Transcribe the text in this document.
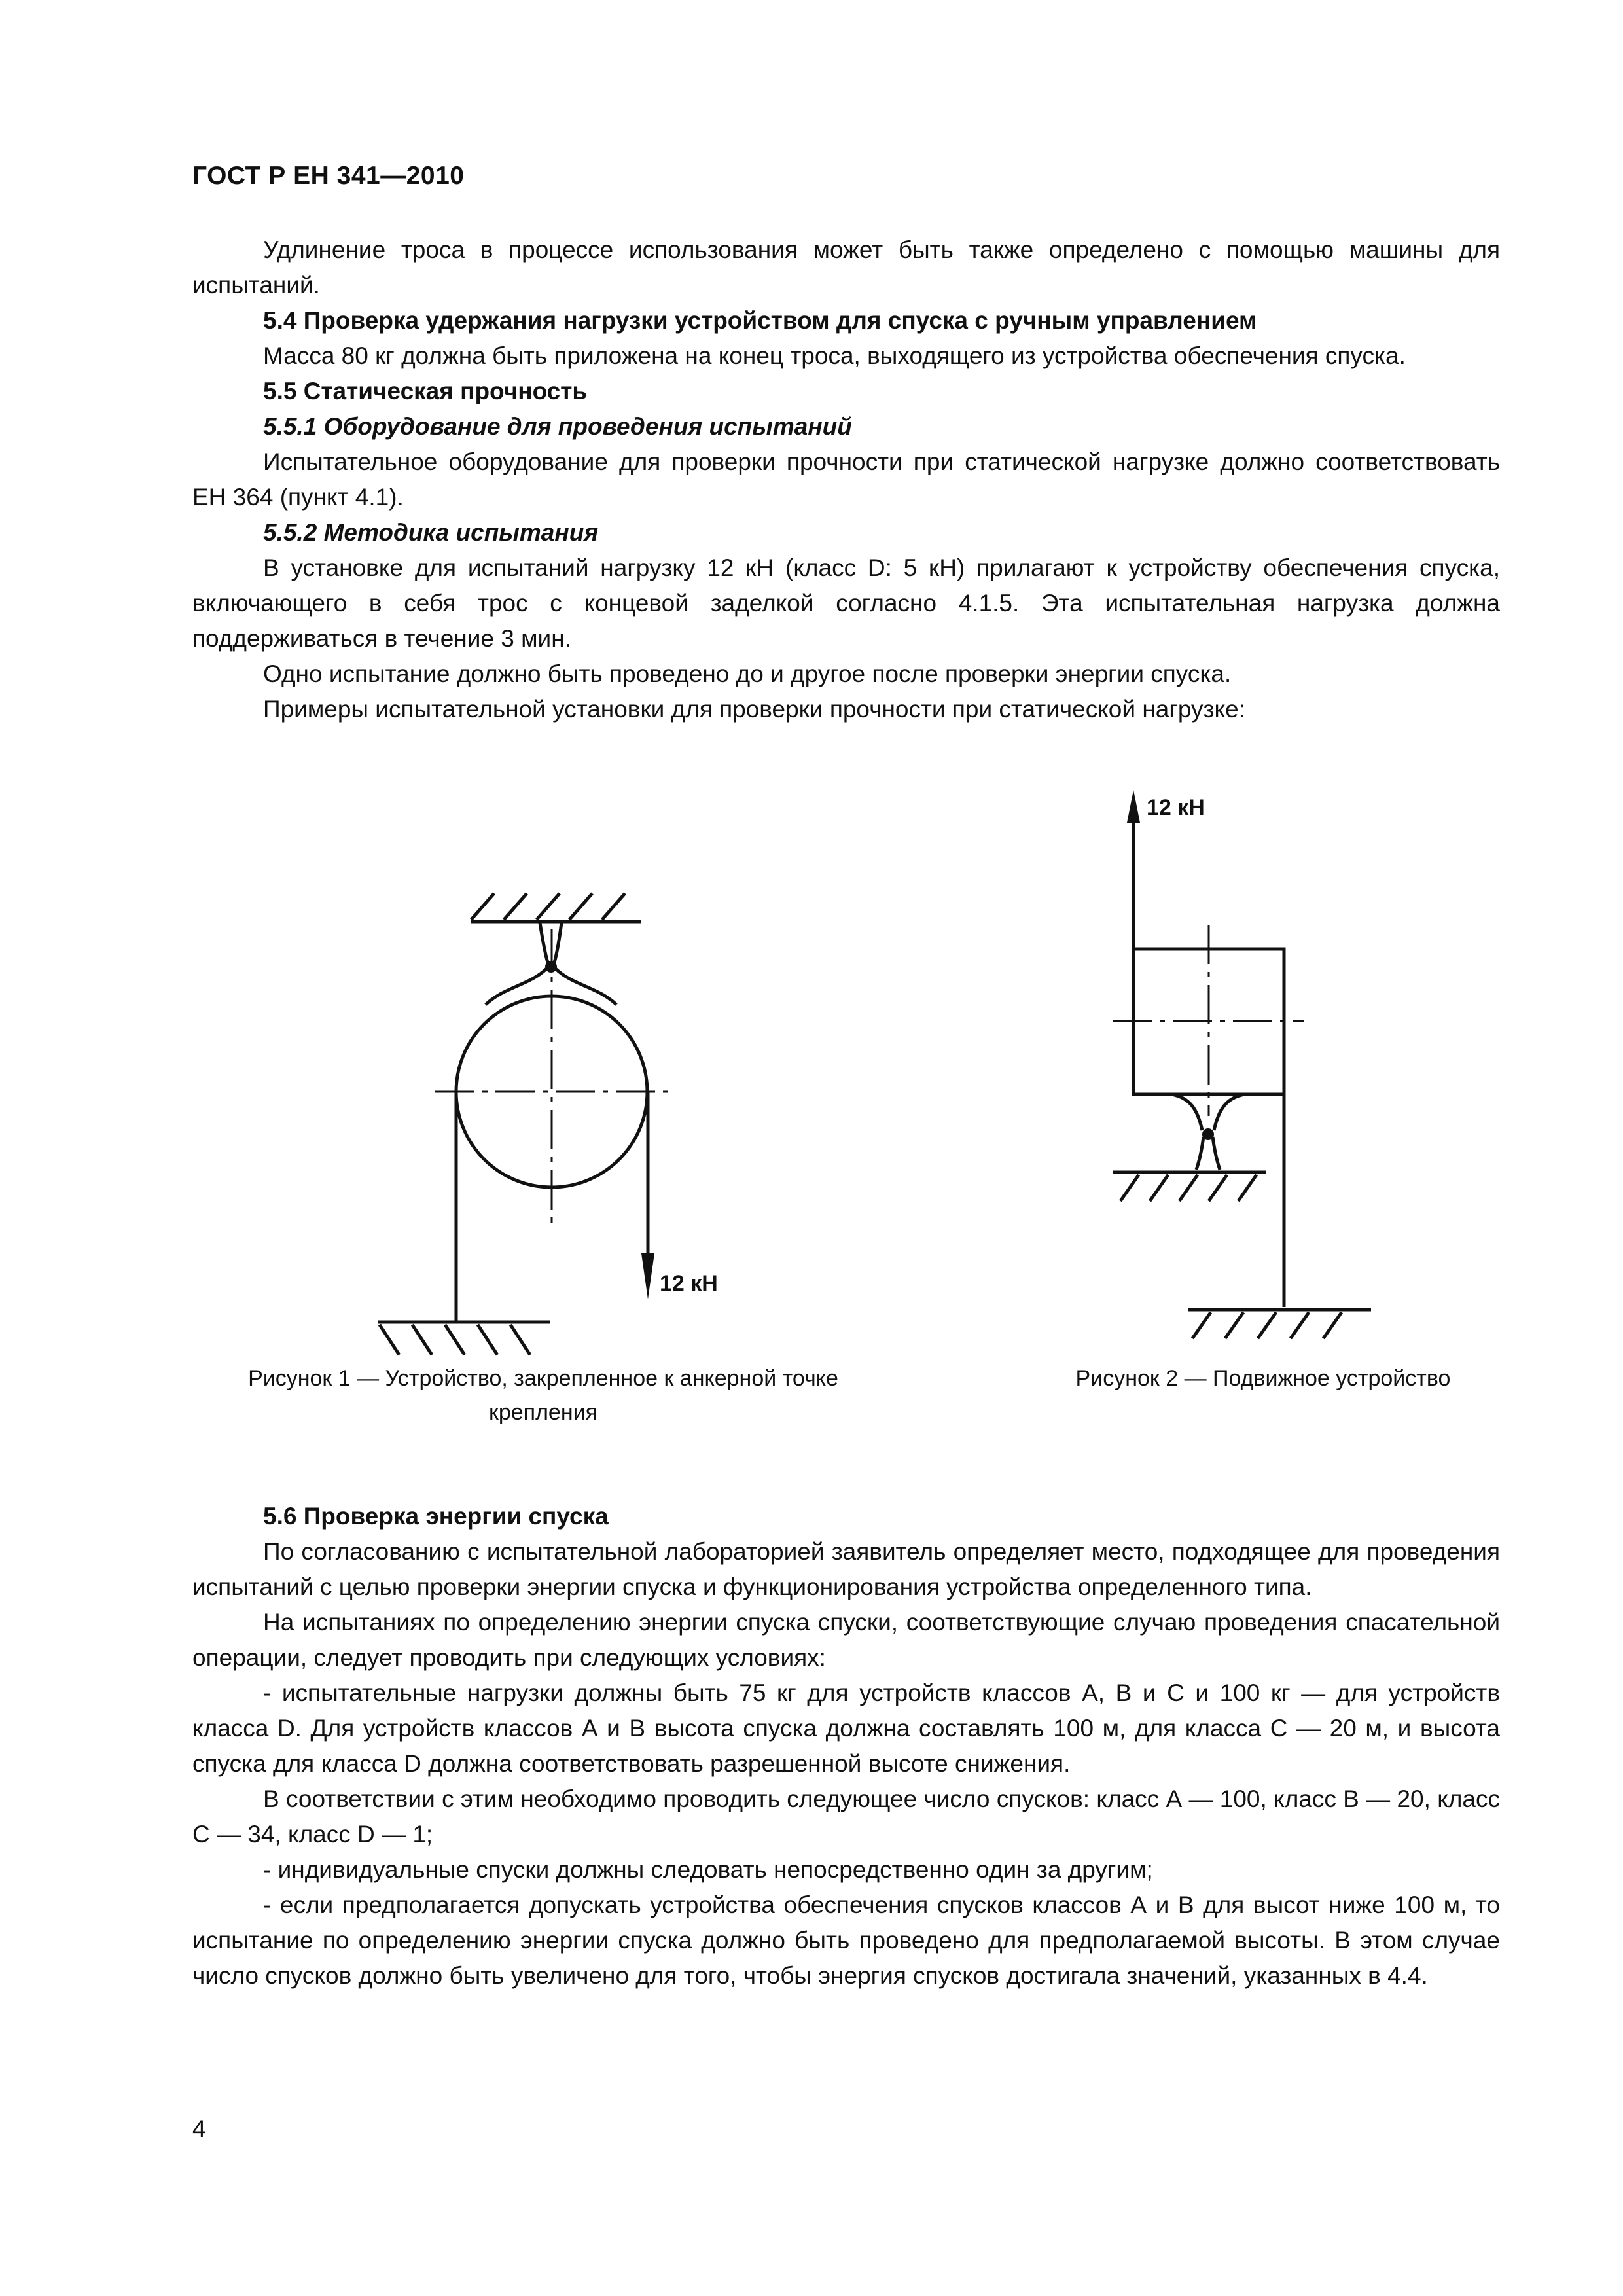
ГОСТ Р ЕН 341—2010

Удлинение троса в процессе использования может быть также определено с помощью машины для испытаний.

5.4 Проверка удержания нагрузки устройством для спуска с ручным управлением

Масса 80 кг должна быть приложена на конец троса, выходящего из устройства обеспечения спуска.

5.5 Статическая прочность

5.5.1 Оборудование для проведения испытаний

Испытательное оборудование для проверки прочности при статической нагрузке должно соответствовать ЕН 364 (пункт 4.1).

5.5.2 Методика испытания

В установке для испытаний нагрузку 12 кН (класс D: 5 кН) прилагают к устройству обеспечения спуска, включающего в себя трос с концевой заделкой согласно 4.1.5. Эта испытательная нагрузка должна поддерживаться в течение 3 мин.

Одно испытание должно быть проведено до и другое после проверки энергии спуска.

Примеры испытательной установки для проверки прочности при статической нагрузке:

12 кН
12 кН
Рисунок 1 — Устройство, закрепленное к анкерной точке крепления
Рисунок 2 — Подвижное устройство

5.6 Проверка энергии спуска

По согласованию с испытательной лабораторией заявитель определяет место, подходящее для проведения испытаний с целью проверки энергии спуска и функционирования устройства определенного типа.

На испытаниях по определению энергии спуска спуски, соответствующие случаю проведения спасательной операции, следует проводить при следующих условиях:

- испытательные нагрузки должны быть 75 кг для устройств классов А, В и С и 100 кг — для устройств класса D. Для устройств классов А и В высота спуска должна составлять 100 м, для класса С — 20 м, и высота спуска для класса D должна соответствовать разрешенной высоте снижения.

В соответствии с этим необходимо проводить следующее число спусков: класс А — 100, класс В — 20, класс С — 34, класс D — 1;

- индивидуальные спуски должны следовать непосредственно один за другим;

- если предполагается допускать устройства обеспечения спусков классов А и В для высот ниже 100 м, то испытание по определению энергии спуска должно быть проведено для предполагаемой высоты. В этом случае число спусков должно быть увеличено для того, чтобы энергия спусков достигала значений, указанных в 4.4.

4
